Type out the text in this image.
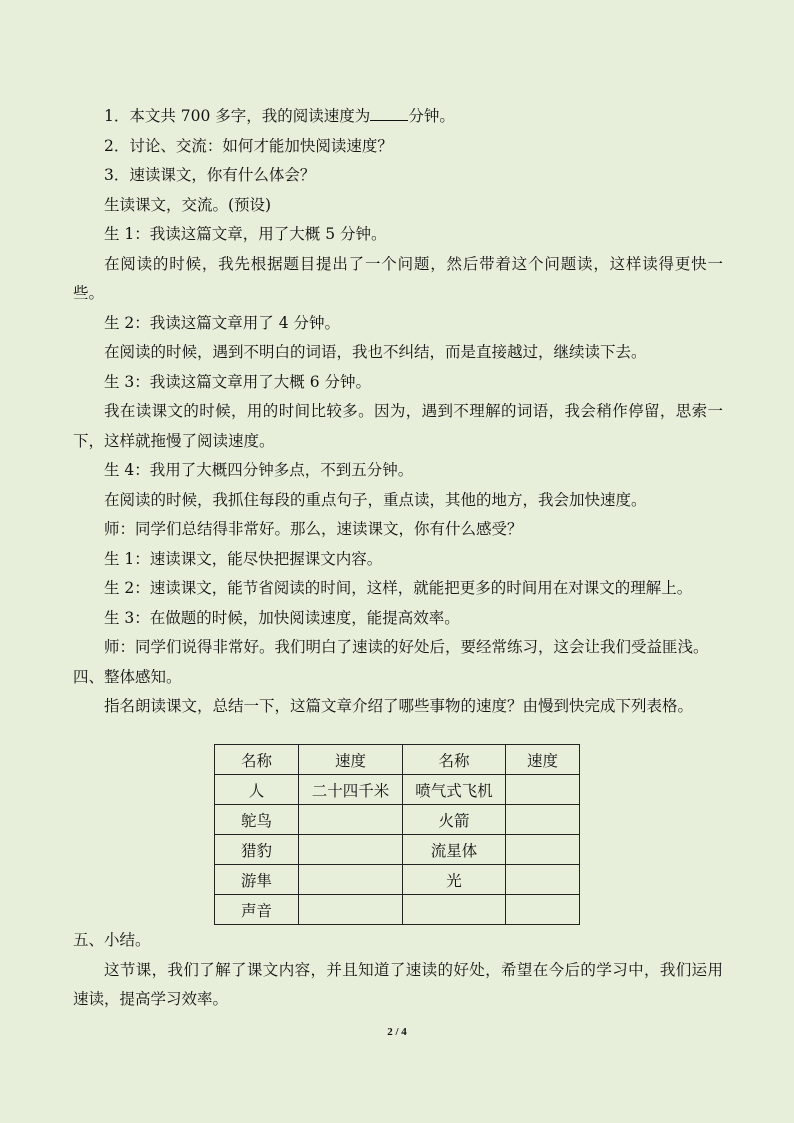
1．本文共 700 多字，我的阅读速度为 分钟。
2．讨论、交流：如何才能加快阅读速度？
3．速读课文，你有什么体会？
生读课文，交流。(预设)
生 1：我读这篇文章，用了大概 5 分钟。
在阅读的时候，我先根据题目提出了一个问题，然后带着这个问题读，这样读得更快一些。
生 2：我读这篇文章用了 4 分钟。
在阅读的时候，遇到不明白的词语，我也不纠结，而是直接越过，继续读下去。
生 3：我读这篇文章用了大概 6 分钟。
我在读课文的时候，用的时间比较多。因为，遇到不理解的词语，我会稍作停留，思索一下，这样就拖慢了阅读速度。
生 4：我用了大概四分钟多点，不到五分钟。
在阅读的时候，我抓住每段的重点句子，重点读，其他的地方，我会加快速度。
师：同学们总结得非常好。那么，速读课文，你有什么感受？
生 1：速读课文，能尽快把握课文内容。
生 2：速读课文，能节省阅读的时间，这样，就能把更多的时间用在对课文的理解上。
生 3：在做题的时候，加快阅读速度，能提高效率。
师：同学们说得非常好。我们明白了速读的好处后，要经常练习，这会让我们受益匪浅。
四、整体感知。
指名朗读课文，总结一下，这篇文章介绍了哪些事物的速度？由慢到快完成下列表格。
名称	速度	名称	速度
人	二十四千米	喷气式飞机	
鸵鸟		火箭	
猎豹		流星体	
游隼		光	
声音			
五、小结。
这节课，我们了解了课文内容，并且知道了速读的好处，希望在今后的学习中，我们运用速读，提高学习效率。
2 / 4
